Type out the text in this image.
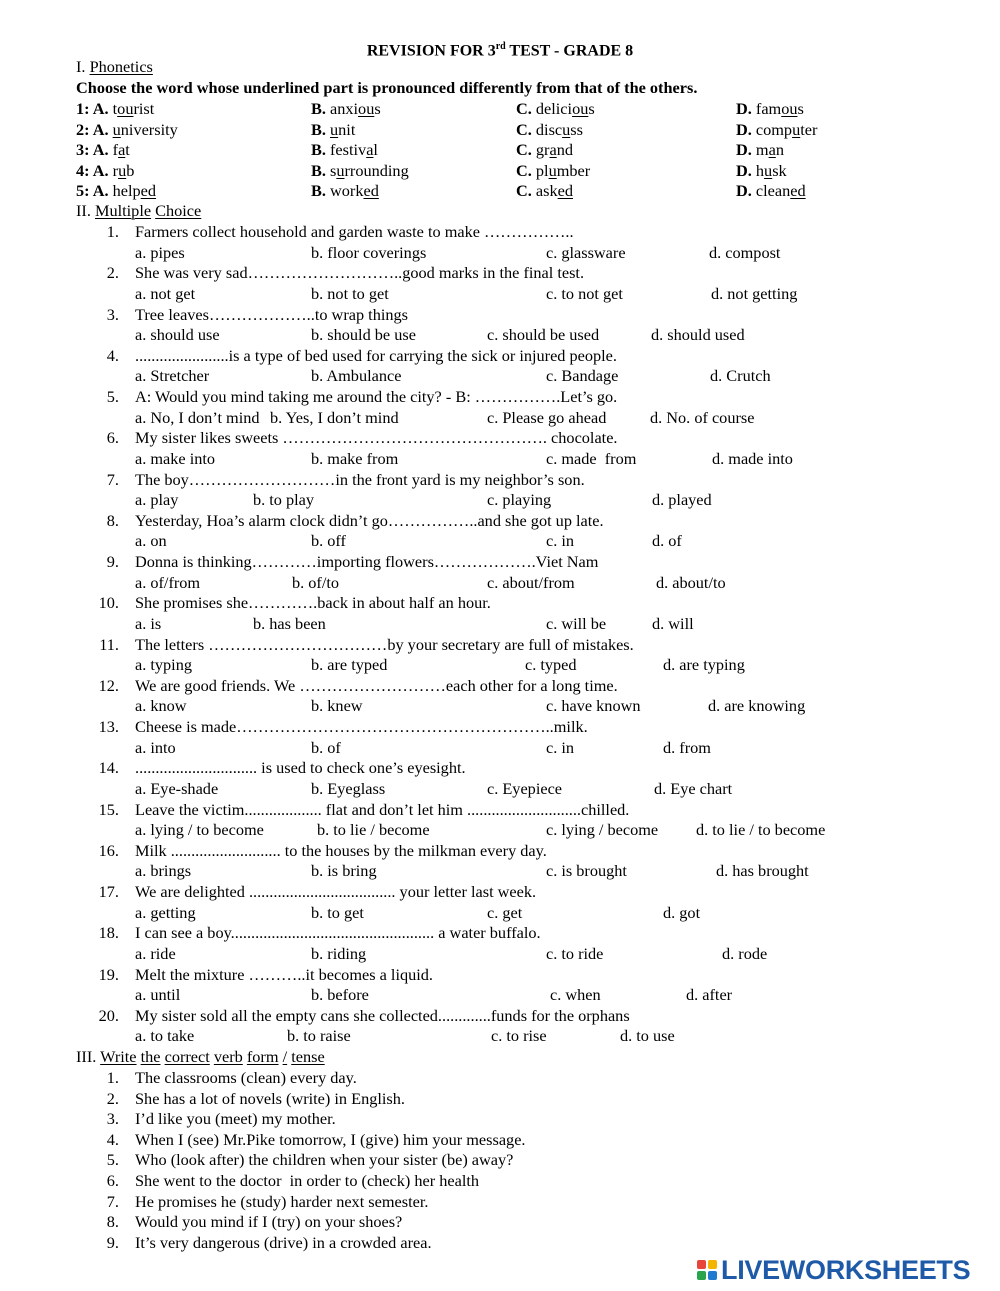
REVISION FOR 3rd TEST - GRADE 8
I. Phonetics
Choose the word whose underlined part is pronounced differently from that of the others.
1: A. tourist	B. anxious	C. delicious	D. famous
2: A. university	B. unit	C. discuss	D. computer
3: A. fat	B. festival	C. grand	D. man
4: A. rub	B. surrounding	C. plumber	D. husk
5: A. helped	B. worked	C. asked	D. cleaned
II. Multiple Choice
1. Farmers collect household and garden waste to make ……………..
a. pipes	b. floor coverings	c. glassware	d. compost
2. She was very sad………………………..good marks in the final test.
a. not get	b. not to get	c. to not get	d. not getting
3. Tree leaves………………..to wrap things
a. should use	b. should be use	c. should be used	d. should used
4. .......................is a type of bed used for carrying the sick or injured people.
a. Stretcher	b. Ambulance	c. Bandage	d. Crutch
5. A: Would you mind taking me around the city? - B: …………….Let’s go.
a. No, I don’t mind b. Yes, I don’t mind	c. Please go ahead	d. No. of course
6. My sister likes sweets …………………………………………. chocolate.
a. make into	b. make from	c. made  from	d. made into
7. The boy………………………in the front yard is my neighbor’s son.
a. play	b. to play	c. playing	d. played
8. Yesterday, Hoa’s alarm clock didn’t go……………..and she got up late.
a. on	b. off	c. in	d. of
9. Donna is thinking…………importing flowers……………….Viet Nam
a. of/from	b. of/to	c. about/from	d. about/to
10. She promises she………….back in about half an hour.
a. is	b. has been	c. will be	d. will
11. The letters ……………………………by your secretary are full of mistakes.
a. typing	b. are typed	c. typed	d. are typing
12. We are good friends. We ………………………each other for a long time.
a. know	b. knew	c. have known	d. are knowing
13. Cheese is made…………………………………………………..milk.
a. into	b. of	c. in	d. from
14. .............................. is used to check one’s eyesight.
a. Eye-shade	b. Eyeglass	c. Eyepiece	d. Eye chart
15. Leave the victim................... flat and don’t let him ............................chilled.
a. lying / to become	b. to lie / become	c. lying / become d. to lie / to become
16. Milk ........................... to the houses by the milkman every day.
a. brings	b. is bring	c. is brought	d. has brought
17. We are delighted .................................... your letter last week.
a. getting	b. to get	c. get	d. got
18. I can see a boy.................................................. a water buffalo.
a. ride	b. riding	c. to ride	d. rode
19. Melt the mixture ………..it becomes a liquid.
a. until	b. before	c. when	d. after
20. My sister sold all the empty cans she collected.............funds for the orphans
a. to take	b. to raise	c. to rise	d. to use
III. Write the correct verb form / tense
1. The classrooms (clean) every day.
2. She has a lot of novels (write) in English.
3. I’d like you (meet) my mother.
4. When I (see) Mr.Pike tomorrow, I (give) him your message.
5. Who (look after) the children when your sister (be) away?
6. She went to the doctor  in order to (check) her health
7. He promises he (study) harder next semester.
8. Would you mind if I (try) on your shoes?
9. It’s very dangerous (drive) in a crowded area.
LIVEWORKSHEETS
